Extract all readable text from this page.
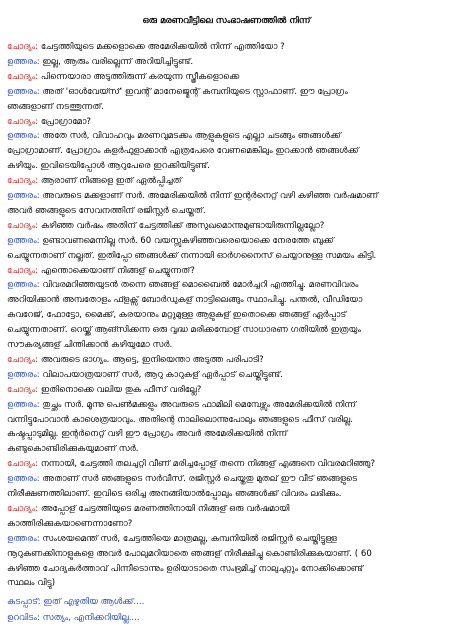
ഒരു മരണവീട്ടിലെ സംഭാഷണത്തിൽ നിന്ന്
ചോദ്യം: ചേട്ടത്തിയുടെ മക്കളൊക്കെ അമേരിക്കയിൽ നിന്ന് എത്തിയോ ?
ഉത്തരം: ഇല്ല, ആരും വരില്ലെന്ന് അറിയിച്ചിട്ടുണ്ട്.
ചോദ്യം: പിന്നെയാരാ അടുത്തിരുന്ന് കരയുന്ന സ്ത്രീകളൊക്കെ
ഉത്തരം: അത് 'ഓൾവേയ്സ്' ഇവന്റ് മാനേജ്മെന്റ് കമ്പനിയുടെ സ്റ്റാഫാണ്. ഈ പ്രോഗ്രം
ഞങ്ങളാണ് നടത്തുന്നത്.
ചോദ്യം: പ്രോഗ്രാമോ?
ഉത്തരം: അതേ സർ, വിവാഹവും മരണവുമടക്കം ആളുകളുടെ എല്ലാ ചടങ്ങും ഞങ്ങൾക്ക്
പ്രോഗ്രാമാണ്. പ്രോഗ്രാം കളർഫുളാക്കാൻ എത്രപേരെ വേണമെങ്കിലും ഇറക്കാൻ ഞങ്ങൾക്ക്
കഴിയും. ഇവിടെയിപ്പോൾ ആറുപേരെ ഇറക്കിയിട്ടുണ്ട്.
ചോദ്യം: ആരാണ് നിങ്ങളെ ഇത് ഏൽപ്പിച്ചത്
ഉത്തരം: അവരുടെ മക്കളാണ് സർ. അമേരിക്കയിൽ നിന്ന് ഇന്റർനെറ്റ് വഴി കഴിഞ്ഞ വർഷമാണ്
അവർ ഞങ്ങളുടെ സേവനത്തിന് രജിസ്റ്റർ ചെയ്തത്.
ചോദ്യം: കഴിഞ്ഞ വർഷം അതിന് ചേട്ടത്തിക്ക് അസുഖമൊന്നുമുണ്ടായിരുന്നില്ലല്ലോ?
ഉത്തരം: ഉണ്ടാവണമെന്നില്ല സർ. 60 വയസ്സുകഴിഞ്ഞവരെയൊക്കെ നേരത്തേ ബുക്ക്
ചെയ്യുന്നതാണ് നല്ലത്. ഇതിപ്പോ ഞങ്ങൾക്ക് നന്നായി ഓർഗനൈസ് ചെയ്യാനുള്ള സമയം കിട്ടി.
ചോദ്യം: എന്തൊക്കെയാണ് നിങ്ങള് ചെയ്യുന്നത്?
ഉത്തരം: വിവരമറിഞ്ഞയുടൻ തന്നെ ഞങ്ങള് മൊബൈൽ മോർച്ചറി എത്തിച്ചു. മരണവിവരം
അറിയിക്കാൻ അമ്പതോളം ഫ്ളക്സ് ബോർഡുകള് നാട്ടിലെങ്ങും സ്ഥാപിച്ചു. പന്തൽ, വീഡിയോ
കവറേജ്, ഫോട്ടോ, മൈക്ക്, കരയാനും മറ്റുമുള്ള ആളുകള് ഇതൊക്കെ ഞങ്ങള് ഏർപ്പാട്
ചെയ്യുന്നതാണ്. റെയ്ക്ക് ആങ്സിക്കന്ന ഒരു വൃദ്ധ മരിക്കമ്പോള് സാധാരണ ഗതിയിൽ ഇത്രയും
സൗകര്യങ്ങള് ചിന്തിക്കാൻ കഴിയുമോ സർ.
ചോദ്യം: അവരുടെ ഭാഗ്യം. ആട്ടെ, ഇനിയെന്താ അടുത്ത പരിപാടി?
ഉത്തരം: വിലാപയാത്രയാണ് സർ, ആറു കാറുകള് ഏർപ്പാട് ചെയ്തിട്ടുണ്ട്.
ചോദ്യം: ഇതിനൊക്കെ വലിയ തുക ഫീസ് വരില്ലേ?
ഉത്തരം: തുച്ഛം സർ. മൂന്നു പെൺമക്കളും അവരുടെ ഫാമിലി മെമ്പേഴ്സും അമേരിക്കയിൽ നിന്ന്
വന്നിട്ടുപോവാൻ കാശെത്രയാവും. അതിന്റെ നാലിലൊന്നുപോലും ഞങ്ങളുടെ ഫീസ് വരില്ല.
കഷ്ടപ്പാടുമില്ല. ഇന്റർനെറ്റ് വഴി ഈ പ്രോഗ്രം അവർ അമേരിക്കയിൽ നിന്ന്
കണ്ടുകൊണ്ടിരിക്കുകയുമാണ് സർ.
ചോദ്യം: നന്നായി, ചേട്ടത്തി തലചുറ്റി വീണ് മരിച്ചപ്പോള് തന്നെ നിങ്ങള് എങ്ങനെ വിവരമറിഞ്ഞു?
ഉത്തരം: അതാണ് സർ ഞങ്ങളുടെ സർവീസ്. രജിസ്റ്റർ ചെയ്തതു മുതല് ഈ വീട് ഞങ്ങളുടെ
നിരീക്ഷണത്തിലാണ്. ഇവിടെ ഒരിച്ച അനങ്ങിയാൽപ്പോലും ഞങ്ങൾക്ക് വിവരം ലഭിക്കും.
ചോദ്യം: അപ്പോള് ചേട്ടത്തിയുടെ മരണത്തിനായി നിങ്ങള് ഒരു വർഷമായി
കാത്തിരിക്കുകയാണെന്നാണോ?
ഉത്തരം: സംശയമെന്ത് സർ, ചേട്ടത്തിയെ മാത്രമല്ല, കമ്പനിയിൽ രജിസ്റ്റർ ചെയ്തിട്ടുള്ള
നൂറുകണക്കിനാളുകളെ അവർ പോലുമറിയാതെ ഞങ്ങള് നിരീക്ഷിച്ചു കൊണ്ടിരിക്കുകയാണ്. ( 60
കഴിഞ്ഞ ചോദ്യകർത്താവ് പിന്നീടൊന്നും ഉരിയാടാതെ സംഭ്രമിച്ച് നാലുചുറ്റും നോക്കിക്കൊണ്ട്
സ്ഥലം വിട്ടു)
കടപ്പാട്: ഇത് എഴുതിയ ആൾക്ക്....
ഉറവിടം: സത്യം, എനിക്കറിയില്ല....
